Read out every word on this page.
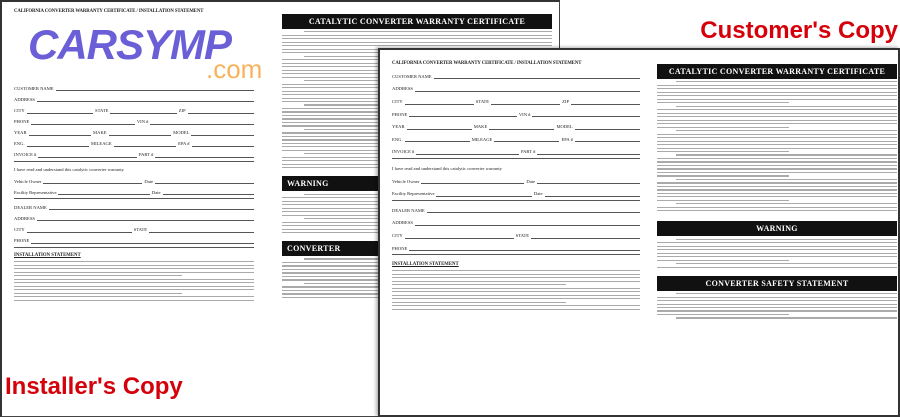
CALIFORNIA CONVERTER WARRANTY CERTIFICATE / INSTALLATION STATEMENT
CUSTOMER NAME
ADDRESS
CITY	STATE	ZIP
PHONE	VIN #
YEAR	MAKE	MODEL
ENG.	MILEAGE	EPA #
INVOICE #	PART #
I have read and understand this catalytic converter warranty
Vehicle Owner	Date
Facility Representative	Date
DEALER NAME
ADDRESS
CITY	STATE
PHONE
INSTALLATION STATEMENT
CATALYTIC CONVERTER WARRANTY CERTIFICATE
WARNING
CONVERTER
CALIFORNIA CONVERTER WARRANTY CERTIFICATE / INSTALLATION STATEMENT
CUSTOMER NAME
ADDRESS
CITY	STATE	ZIP
PHONE	VIN #
YEAR	MAKE	MODEL
ENG.	MILEAGE	EPA #
INVOICE #	PART #
I have read and understand this catalytic converter warranty
Vehicle Owner	Date
Facility Representative	Date
DEALER NAME
ADDRESS
CITY	STATE
PHONE
INSTALLATION STATEMENT
CATALYTIC CONVERTER WARRANTY CERTIFICATE
WARNING
CONVERTER SAFETY STATEMENT
CARSYMP
.com
Customer's Copy
Installer's Copy
